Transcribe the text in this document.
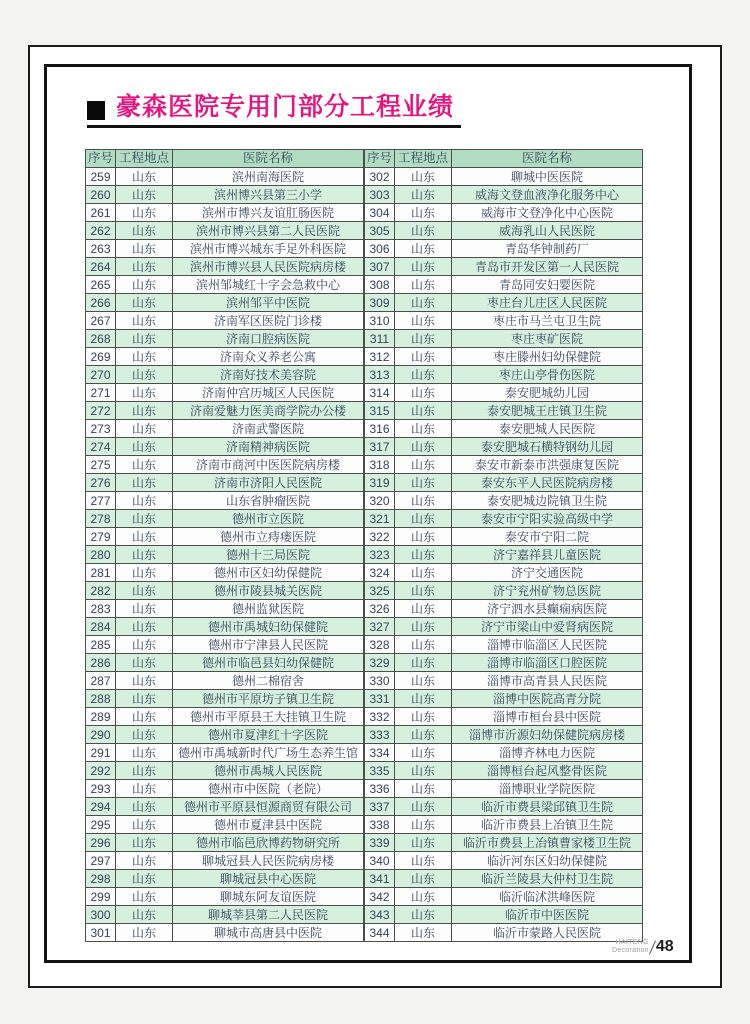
豪森医院专用门部分工程业绩
序号	工程地点	医院名称
259	山东	滨州南海医院
260	山东	滨州博兴县第三小学
261	山东	滨州市博兴友谊肛肠医院
262	山东	滨州市博兴县第二人民医院
263	山东	滨州市博兴城东手足外科医院
264	山东	滨州市博兴县人民医院病房楼
265	山东	滨州邹城红十字会急救中心
266	山东	滨州邹平中医院
267	山东	济南军区医院门诊楼
268	山东	济南口腔病医院
269	山东	济南众义养老公寓
270	山东	济南好技术美容院
271	山东	济南仲宫历城区人民医院
272	山东	济南爱魅力医美商学院办公楼
273	山东	济南武警医院
274	山东	济南精神病医院
275	山东	济南市商河中医医院病房楼
276	山东	济南市济阳人民医院
277	山东	山东省肿瘤医院
278	山东	德州市立医院
279	山东	德州市立痔瘘医院
280	山东	德州十三局医院
281	山东	德州市区妇幼保健院
282	山东	德州市陵县城关医院
283	山东	德州监狱医院
284	山东	德州市禹城妇幼保健院
285	山东	德州市宁津县人民医院
286	山东	德州市临邑县妇幼保健院
287	山东	德州二棉宿舍
288	山东	德州市平原坊子镇卫生院
289	山东	德州市平原县王大挂镇卫生院
290	山东	德州市夏津红十字医院
291	山东	德州市禹城新时代广场生态养生馆
292	山东	德州市禹城人民医院
293	山东	德州市中医院（老院）
294	山东	德州市平原县恒源商贸有限公司
295	山东	德州市夏津县中医院
296	山东	德州市临邑欣博药物研究所
297	山东	聊城冠县人民医院病房楼
298	山东	聊城冠县中心医院
299	山东	聊城东阿友谊医院
300	山东	聊城莘县第二人民医院
301	山东	聊城市高唐县中医院
序号	工程地点	医院名称
302	山东	聊城中医医院
303	山东	威海文登血液净化服务中心
304	山东	威海市文登净化中心医院
305	山东	威海乳山人民医院
306	山东	青岛华钟制药厂
307	山东	青岛市开发区第一人民医院
308	山东	青岛同安妇婴医院
309	山东	枣庄台儿庄区人民医院
310	山东	枣庄市马兰屯卫生院
311	山东	枣庄枣矿医院
312	山东	枣庄滕州妇幼保健院
313	山东	枣庄山亭骨伤医院
314	山东	泰安肥城幼儿园
315	山东	泰安肥城王庄镇卫生院
316	山东	泰安肥城人民医院
317	山东	泰安肥城石横特钢幼儿园
318	山东	泰安市新泰市洪强康复医院
319	山东	泰安东平人民医院病房楼
320	山东	泰安肥城边院镇卫生院
321	山东	泰安市宁阳实验高级中学
322	山东	泰安市宁阳二院
323	山东	济宁嘉祥县儿童医院
324	山东	济宁交通医院
325	山东	济宁兖州矿物总医院
326	山东	济宁泗水县癫痫病医院
327	山东	济宁市梁山中爱肾病医院
328	山东	淄博市临淄区人民医院
329	山东	淄博市临淄区口腔医院
330	山东	淄博市高青县人民医院
331	山东	淄博中医院高青分院
332	山东	淄博市桓台县中医院
333	山东	淄博市沂源妇幼保健院病房楼
334	山东	淄博齐林电力医院
335	山东	淄博桓台起风整骨医院
336	山东	淄博职业学院医院
337	山东	临沂市费县梁邱镇卫生院
338	山东	临沂市费县上冶镇卫生院
339	山东	临沂市费县上冶镇曹家楼卫生院
340	山东	临沂河东区妇幼保健院
341	山东	临沂兰陵县大仲村卫生院
342	山东	临沂临沭洪峰医院
343	山东	临沂市中医医院
344	山东	临沂市蒙路人民医院
HAITENG
Decoration 48
